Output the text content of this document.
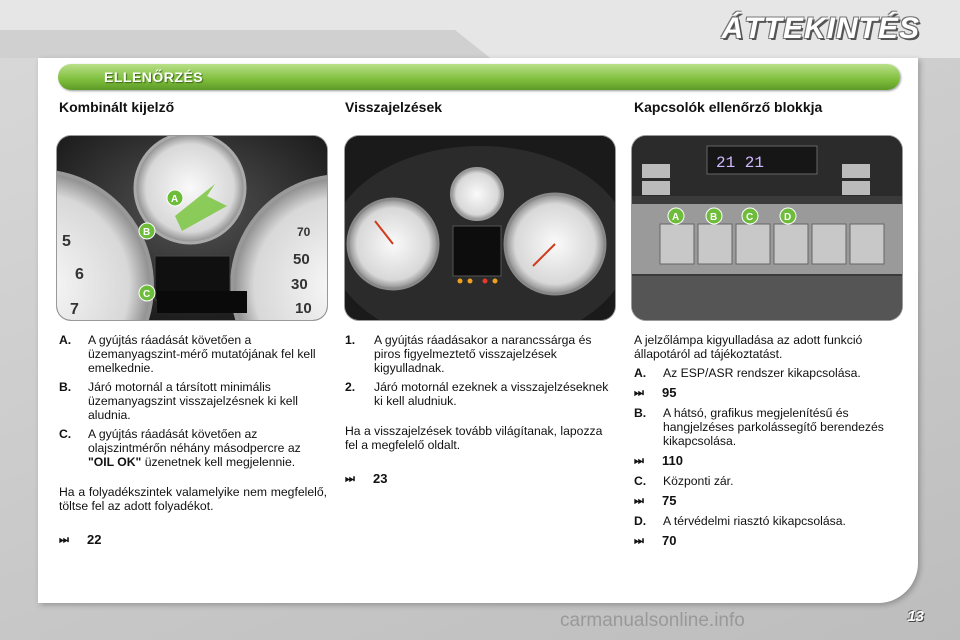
ÁTTEKINTÉS
ELLENŐRZÉS
Kombinált kijelző	Visszajelzések	Kapcsolók ellenőrző blokkja
5
6
7
70
50
30
10
A
B
C
21 21
A	B	C	D
A.	A gyújtás ráadását követően a üzemanyagszint-mérő mutatójának fel kell emelkednie.
B.	Járó motornál a társított minimális üzemanyagszint visszajelzésnek ki kell aludnia.
C.	A gyújtás ráadását követően az olajszintmérőn néhány másodpercre az "OIL OK" üzenetnek kell megjelennie.

Ha a folyadékszintek valamelyike nem megfelelő, töltse fel az adott folyadékot.

⏭	22
1.	A gyújtás ráadásakor a narancssárga és piros figyelmeztető visszajelzések kigyulladnak.
2.	Járó motornál ezeknek a visszajelzéseknek ki kell aludniuk.

Ha a visszajelzések tovább világítanak, lapozza fel a megfelelő oldalt.

⏭	23

A jelzőlámpa kigyulladása az adott funkció állapotáról ad tájékoztatást.

A.	Az ESP/ASR rendszer kikapcsolása.
⏭	95
B.	A hátsó, grafikus megjelenítésű és hangjelzéses parkolássegítő berendezés kikapcsolása.
⏭	110
C.	Központi zár.
⏭	75
D.	A térvédelmi riasztó kikapcsolása.
⏭	70
carmanualsonline.info	13
